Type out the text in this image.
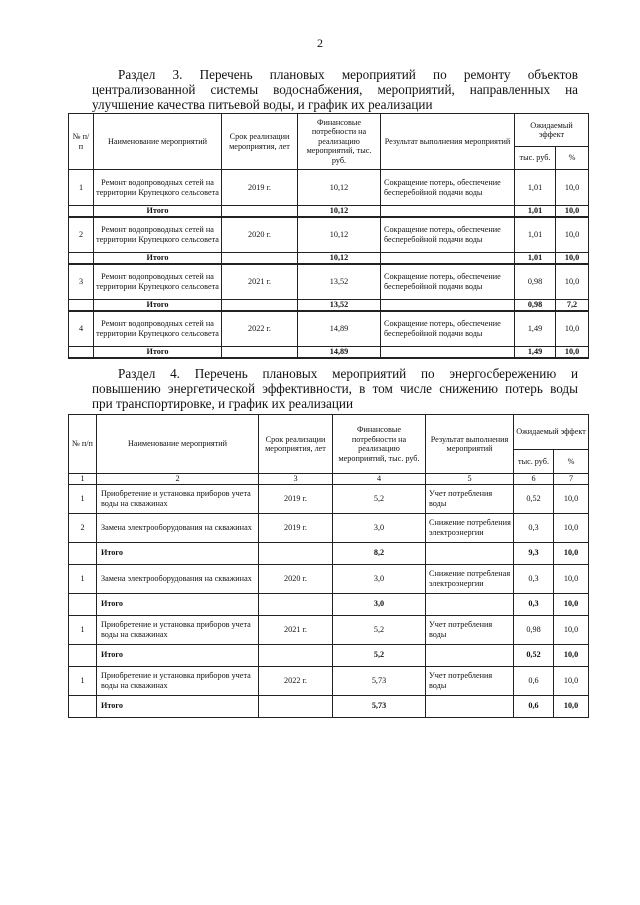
2

Раздел 3. Перечень плановых мероприятий по ремонту объектов

централизованной системы водоснабжения, мероприятий, направленных на

улучшение качества питьевой воды, и график их реализации

№ п/п	Наименование мероприятий	Срок реализации мероприятия, лет	Финансовые потребности на реализацию мероприятий, тыс. руб.	Результат выполнения мероприятий	Ожидаемый эффект	
					тыс. руб.	%
1	Ремонт водопроводных сетей на территории Крупецкого сельсовета	2019 г.	10,12	Сокращение потерь, обеспечение бесперебойной подачи воды	1,01	10,0
	Итого		10,12		1,01	10,0
2	Ремонт водопроводных сетей на территории Крупецкого сельсовета	2020 г.	10,12	Сокращение потерь, обеспечение бесперебойной подачи воды	1,01	10,0
	Итого		10,12		1,01	10,0
3	Ремонт водопроводных сетей на территории Крупецкого сельсовета	2021 г.	13,52	Сокращение потерь, обеспечение бесперебойной подачи воды	0,98	10,0
	Итого		13,52		0,98	7,2
4	Ремонт водопроводных сетей на территории Крупецкого сельсовета	2022 г.	14,89	Сокращение потерь, обеспечение бесперебойной подачи воды	1,49	10,0
	Итого		14,89		1,49	10,0

Раздел 4. Перечень плановых мероприятий по энергосбережению и

повышению энергетической эффективности, в том числе снижению потерь воды

при транспортировке, и график их реализации

№ п/п	Наименование мероприятий	Срок реализации мероприятия, лет	Финансовые потребности на реализацию мероприятий, тыс. руб.	Результат выполнения мероприятий	Ожидаемый эффект	
					тыс. руб.	%
1	2	3	4	5	6	7
1	Приобретение и установка приборов учета воды на скважинах	2019 г.	5,2	Учет потребления воды	0,52	10,0
2	Замена электрооборудования на скважинах	2019 г.	3,0	Снижение потребления электроэнергии	0,3	10,0
	Итого		8,2		9,3	10,0
1	Замена электрооборудования на скважинах	2020 г.	3,0	Снижение потребленая электроэнергии	0,3	10,0
	Итого		3,0		0,3	10,0
1	Приобретение и установка приборов учета воды на скважинах	2021 г.	5,2	Учет потребления воды	0,98	10,0
	Итого		5,2		0,52	10,0
1	Приобретение и установка приборов учета воды на скважинах	2022 г.	5,73	Учет потребления воды	0,6	10,0
	Итого		5,73		0,6	10,0
